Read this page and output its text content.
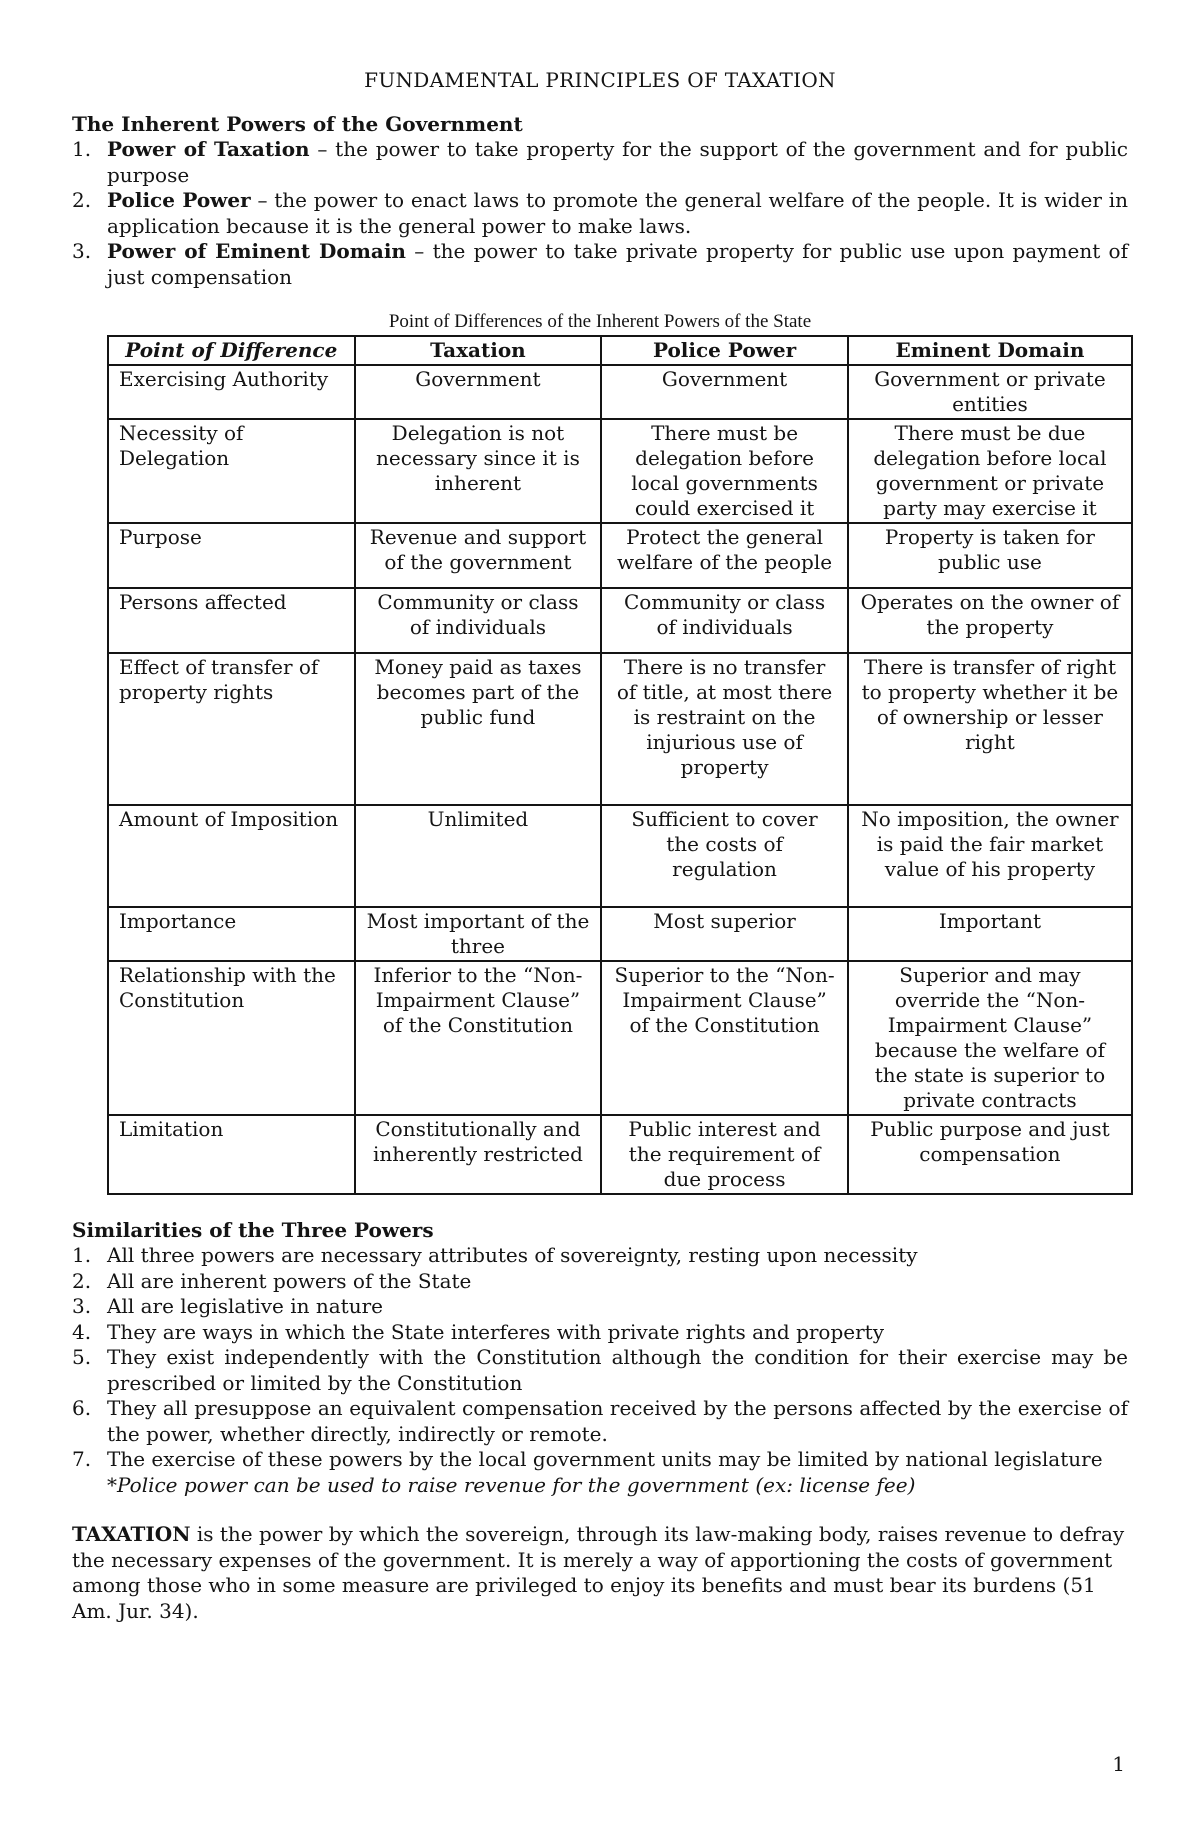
FUNDAMENTAL PRINCIPLES OF TAXATION

The Inherent Powers of the Government

1. Power of Taxation – the power to take property for the support of the government and for public purpose
2. Police Power – the power to enact laws to promote the general welfare of the people. It is wider in application because it is the general power to make laws.
3. Power of Eminent Domain – the power to take private property for public use upon payment of just compensation
Point of Differences of the Inherent Powers of the State
Point of Difference	Taxation	Police Power	Eminent Domain
Exercising Authority	Government	Government	Government or private entities
Necessity of Delegation	Delegation is not necessary since it is inherent	There must be delegation before local governments could exercised it	There must be due delegation before local government or private party may exercise it
Purpose	Revenue and support of the government	Protect the general welfare of the people	Property is taken for public use
Persons affected	Community or class of individuals	Community or class of individuals	Operates on the owner of the property
Effect of transfer of property rights	Money paid as taxes becomes part of the public fund	There is no transfer of title, at most there is restraint on the injurious use of property	There is transfer of right to property whether it be of ownership or lesser right
Amount of Imposition	Unlimited	Sufficient to cover the costs of regulation	No imposition, the owner is paid the fair market value of his property
Importance	Most important of the three	Most superior	Important
Relationship with the Constitution	Inferior to the “Non-Impairment Clause” of the Constitution	Superior to the “Non-Impairment Clause” of the Constitution	Superior and may override the “Non-Impairment Clause” because the welfare of the state is superior to private contracts
Limitation	Constitutionally and inherently restricted	Public interest and the requirement of due process	Public purpose and just compensation

Similarities of the Three Powers

1. All three powers are necessary attributes of sovereignty, resting upon necessity
2. All are inherent powers of the State
3. All are legislative in nature
4. They are ways in which the State interferes with private rights and property
5. They exist independently with the Constitution although the condition for their exercise may be prescribed or limited by the Constitution
6. They all presuppose an equivalent compensation received by the persons affected by the exercise of the power, whether directly, indirectly or remote.
7. The exercise of these powers by the local government units may be limited by national legislature
*Police power can be used to raise revenue for the government (ex: license fee)

TAXATION is the power by which the sovereign, through its law-making body, raises revenue to defray the necessary expenses of the government. It is merely a way of apportioning the costs of government among those who in some measure are privileged to enjoy its benefits and must bear its burdens (51 Am. Jur. 34).

1
